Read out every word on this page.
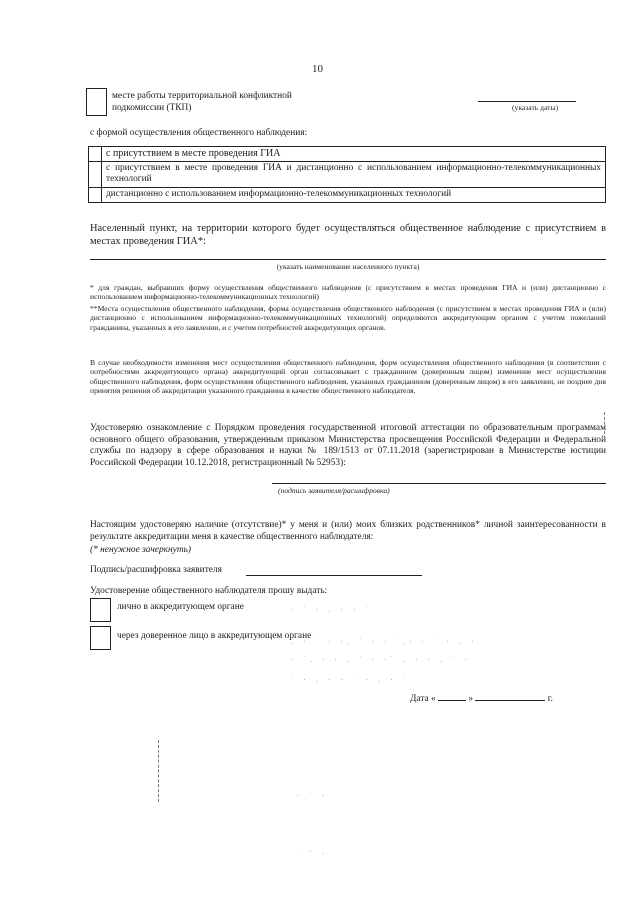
10
месте работы территориальной конфликтной
подкомиссии (ТКП)	(указать даты)
с формой осуществления общественного наблюдения:
	с присутствием в месте проведения ГИА
	с присутствием в месте проведения ГИА и дистанционно с использованием информационно-телекоммуникационных технологий
	дистанционно с использованием информационно-телекоммуникационных технологий
Населенный пункт, на территории которого будет осуществляться общественное наблюдение с присутствием в местах проведения ГИА*:
(указать наименование населенного пункта)
* для граждан, выбравших форму осуществления общественного наблюдения (с присутствием в местах проведения ГИА и (или) дистанционно с использованием информационно-телекоммуникационных технологий)
**Места осуществления общественного наблюдения, форма осуществления общественного наблюдения (с присутствием в местах проведения ГИА и (или) дистанционно с использованием информационно-телекоммуникационных технологий) определяются аккредитующим органом с учетом пожеланий гражданина, указанных в его заявлении, и с учетом потребностей аккредитующих органов.
В случае необходимости изменения мест осуществления общественного наблюдения, форм осуществления общественного наблюдения (в соответствии с потребностями аккредитующего органа) аккредитующий орган согласовывает с гражданином (доверенным лицом) изменение мест осуществления общественного наблюдения, форм осуществления общественного наблюдения, указанных гражданином (доверенным лицом) в его заявлении, не позднее дня принятия решения об аккредитации указанного гражданина в качестве общественного наблюдателя.
Удостоверяю ознакомление с Порядком проведения государственной итоговой аттестации по образовательным программам основного общего образования, утвержденным приказом Министерства просвещения Российской Федерации и Федеральной службы по надзору в сфере образования и науки № 189/1513 от 07.11.2018 (зарегистрирован в Министерстве юстиции Российской Федерации 10.12.2018, регистрационный № 52953):
(подпись заявителя/расшифровка)
Настоящим удостоверяю наличие (отсутствие)* у меня и (или) моих близких родственников* личной заинтересованности в результате аккредитации меня в качестве общественного наблюдателя:
(* ненужное зачеркнуть)
Подпись/расшифровка заявителя
Удостоверение общественного наблюдателя прошу выдать:
лично в аккредитующем органе
через доверенное лицо в аккредитующем органе
Дата «	»	г.
· ˙ · . · · ˙
. · ˙ · ·. ˙ · · ˙.· · ˙ · . ·
· ˙. · · . ˙ · ·˙ . · · . ˙ ·
˙ · . · · ˙ · . · ˙
· ˙ ·
˙ · .
